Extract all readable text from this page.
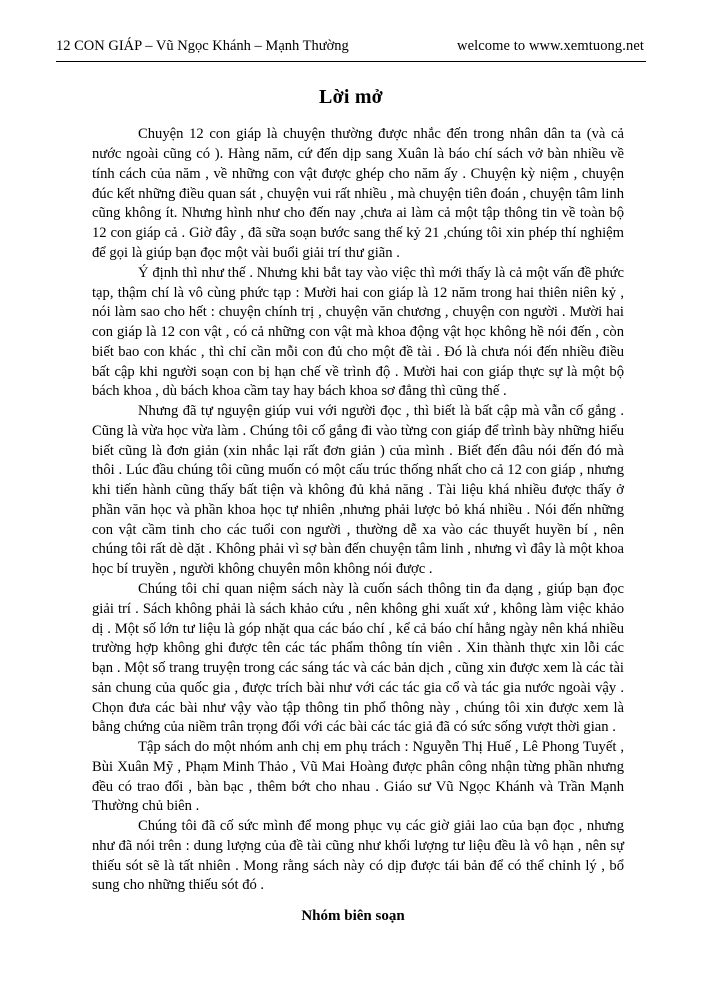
12 CON GIÁP – Vũ Ngọc Khánh – Mạnh Thường	welcome to www.xemtuong.net
Lời mở

Chuyện 12 con giáp là chuyện thường được nhắc đến trong nhân dân ta (và cả nước ngoài cũng có ). Hàng năm, cứ đến dịp sang Xuân là báo chí sách vở bàn nhiều về tính cách của năm , về những con vật được ghép cho năm ấy . Chuyện kỳ niệm , chuyện đúc kết những điều quan sát , chuyện vui rất nhiều , mà chuyện tiên đoán , chuyện tâm linh cũng không ít. Nhưng hình như cho đến nay ,chưa ai làm cả một tập thông tin về toàn bộ 12 con giáp cả . Giờ đây , đã sữa soạn bước sang thế kỷ 21 ,chúng tôi xin phép thí nghiệm để gọi là giúp bạn đọc một vài buổi giải trí thư giãn .

Ý định thì như thế . Nhưng khi bắt tay vào việc thì mới thấy là cả một vấn đề phức tạp, thậm chí là vô cùng phức tạp : Mười hai con giáp là 12 năm trong hai thiên niên kỷ , nói làm sao cho hết : chuyện chính trị , chuyện văn chương , chuyện con người . Mười hai con giáp là 12 con vật , có cả những con vật mà khoa động vật học không hề nói đến , còn biết bao con khác , thì chỉ cần mỗi con đủ cho một đề tài . Đó là chưa nói đến nhiều điều bất cập khi người soạn con bị hạn chế về trình độ . Mười hai con giáp thực sự là một bộ bách khoa , dù bách khoa cầm tay hay bách khoa sơ đẳng thì cũng thế .

Nhưng đã tự nguyện giúp vui với người đọc , thì biết là bất cập mà vẫn cố gắng . Cũng là vừa học vừa làm . Chúng tôi cố gắng đi vào từng con giáp để trình bày những hiểu biết cũng là đơn giản (xin nhắc lại rất đơn giản ) của mình . Biết đến đâu nói đến đó mà thôi . Lúc đầu chúng tôi cũng muốn có một cấu trúc thống nhất cho cả 12 con giáp , nhưng khi tiến hành cũng thấy bất tiện và không đủ khả năng . Tài liệu khá nhiều được thấy ở phần văn học và phần khoa học tự nhiên ,nhưng phải lược bỏ khá nhiều . Nói đến những con vật cầm tinh cho các tuổi con người , thường dễ xa vào các thuyết huyền bí , nên chúng tôi rất dè dặt . Không phải vì sợ bàn đến chuyện tâm linh , nhưng vì đây là một khoa học bí truyền , người không chuyên môn không nói được .

Chúng tôi chỉ quan niệm sách này là cuốn sách thông tin đa dạng , giúp bạn đọc giải trí . Sách không phải là sách khảo cứu , nên không ghi xuất xứ , không làm việc khảo dị . Một số lớn tư liệu là góp nhặt qua các báo chí , kể cả báo chí hằng ngày nên khá nhiều trường hợp không ghi được tên các tác phẩm thông tín viên . Xin thành thực xin lỗi các bạn . Một số trang truyện trong các sáng tác và các bản dịch , cũng xin được xem là các tài sản chung của quốc gia , được trích bài như với các tác gia cổ và tác gia nước ngoài vậy . Chọn đưa các bài như vậy vào tập thông tin phổ thông này , chúng tôi xin được xem là bằng chứng của niềm trân trọng đối với các bài các tác giả đã có sức sống vượt thời gian .

Tập sách do một nhóm anh chị em phụ trách : Nguyễn Thị Huế , Lê Phong Tuyết , Bùi Xuân Mỹ , Phạm Minh Thảo , Vũ Mai Hoàng được phân công nhận từng phần nhưng đều có trao đổi , bàn bạc , thêm bớt cho nhau . Giáo sư Vũ Ngọc Khánh và Trần Mạnh Thường chủ biên .

Chúng tôi đã cố sức mình để mong phục vụ các giờ giải lao của bạn đọc , nhưng như đã nói trên : dung lượng của đề tài cũng như khối lượng tư liệu đều là vô hạn , nên sự thiếu sót sẽ là tất nhiên . Mong rằng sách này có dịp được tái bản để có thể chỉnh lý , bổ sung cho những thiếu sót đó .

Nhóm biên soạn
